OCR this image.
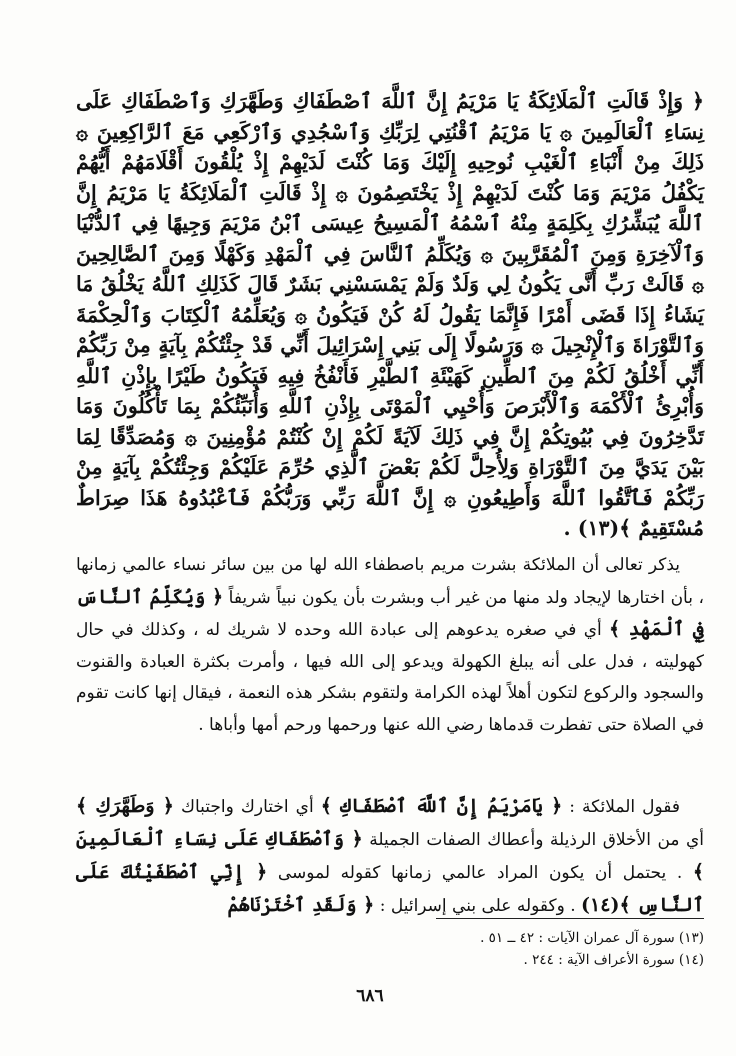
﴿ وَإِذْ قَالَتِ ٱلْمَلَائِكَةُ يَا مَرْيَمُ إِنَّ ٱللَّهَ ٱصْطَفَاكِ وَطَهَّرَكِ وَٱصْطَفَاكِ عَلَى نِسَاءِ ٱلْعَالَمِينَ ۞ يَا مَرْيَمُ ٱقْنُتِي لِرَبِّكِ وَٱسْجُدِي وَٱرْكَعِي مَعَ ٱلرَّاكِعِينَ ۞ ذَلِكَ مِنْ أَنْبَاءِ ٱلْغَيْبِ نُوحِيهِ إِلَيْكَ وَمَا كُنْتَ لَدَيْهِمْ إِذْ يُلْقُونَ أَقْلَامَهُمْ أَيُّهُمْ يَكْفُلُ مَرْيَمَ وَمَا كُنْتَ لَدَيْهِمْ إِذْ يَخْتَصِمُونَ ۞ إِذْ قَالَتِ ٱلْمَلَائِكَةُ يَا مَرْيَمُ إِنَّ ٱللَّهَ يُبَشِّرُكِ بِكَلِمَةٍ مِنْهُ ٱسْمُهُ ٱلْمَسِيحُ عِيسَى ٱبْنُ مَرْيَمَ وَجِيهًا فِي ٱلدُّنْيَا وَٱلْآخِرَةِ وَمِنَ ٱلْمُقَرَّبِينَ ۞ وَيُكَلِّمُ ٱلنَّاسَ فِي ٱلْمَهْدِ وَكَهْلًا وَمِنَ ٱلصَّالِحِينَ ۞ قَالَتْ رَبِّ أَنَّى يَكُونُ لِي وَلَدٌ وَلَمْ يَمْسَسْنِي بَشَرٌ قَالَ كَذَلِكِ ٱللَّهُ يَخْلُقُ مَا يَشَاءُ إِذَا قَضَى أَمْرًا فَإِنَّمَا يَقُولُ لَهُ كُنْ فَيَكُونُ ۞ وَيُعَلِّمُهُ ٱلْكِتَابَ وَٱلْحِكْمَةَ وَٱلتَّوْرَاةَ وَٱلْإِنْجِيلَ ۞ وَرَسُولًا إِلَى بَنِي إِسْرَائِيلَ أَنِّي قَدْ جِئْتُكُمْ بِآيَةٍ مِنْ رَبِّكُمْ أَنِّي أَخْلُقُ لَكُمْ مِنَ ٱلطِّينِ كَهَيْئَةِ ٱلطَّيْرِ فَأَنْفُخُ فِيهِ فَيَكُونُ طَيْرًا بِإِذْنِ ٱللَّهِ وَأُبْرِئُ ٱلْأَكْمَهَ وَٱلْأَبْرَصَ وَأُحْيِي ٱلْمَوْتَى بِإِذْنِ ٱللَّهِ وَأُنَبِّئُكُمْ بِمَا تَأْكُلُونَ وَمَا تَدَّخِرُونَ فِي بُيُوتِكُمْ إِنَّ فِي ذَلِكَ لَآيَةً لَكُمْ إِنْ كُنْتُمْ مُؤْمِنِينَ ۞ وَمُصَدِّقًا لِمَا بَيْنَ يَدَيَّ مِنَ ٱلتَّوْرَاةِ وَلِأُحِلَّ لَكُمْ بَعْضَ ٱلَّذِي حُرِّمَ عَلَيْكُمْ وَجِئْتُكُمْ بِآيَةٍ مِنْ رَبِّكُمْ فَٱتَّقُوا ٱللَّهَ وَأَطِيعُونِ ۞ إِنَّ ٱللَّهَ رَبِّي وَرَبُّكُمْ فَٱعْبُدُوهُ هَذَا صِرَاطٌ مُسْتَقِيمٌ ﴾(١٣) .

يذكر تعالى أن الملائكة بشرت مريم باصطفاء الله لها من بين سائر نساء عالمي زمانها ، بأن اختارها لإيجاد ولد منها من غير أب وبشرت بأن يكون نبياً شريفاً ﴿ وَيُكَلِّمُ ٱلنَّاسَ فِي ٱلْمَهْدِ ﴾ أي في صغره يدعوهم إلى عبادة الله وحده لا شريك له ، وكذلك في حال كهوليته ، فدل على أنه يبلغ الكهولة ويدعو إلى الله فيها ، وأمرت بكثرة العبادة والقنوت والسجود والركوع لتكون أهلاً لهذه الكرامة ولتقوم بشكر هذه النعمة ، فيقال إنها كانت تقوم في الصلاة حتى تفطرت قدماها رضي الله عنها ورحمها ورحم أمها وأباها .

فقول الملائكة : ﴿ يَامَرْيَمُ إِنَّ ٱللَّهَ ٱصْطَفَاكِ ﴾ أي اختارك واجتباك ﴿ وَطَهَّرَكِ ﴾ أي من الأخلاق الرذيلة وأعطاك الصفات الجميلة ﴿ وَٱصْطَفَاكِ عَلَى نِسَاءِ ٱلْعَالَمِينَ ﴾ . يحتمل أن يكون المراد عالمي زمانها كقوله لموسى ﴿ إِنِّي ٱصْطَفَيْتُكَ عَلَى ٱلنَّاسِ ﴾(١٤) . وكقوله على بني إسرائيل : ﴿ وَلَقَدِ ٱخْتَرْنَاهُمْ

(١٣) سورة آل عمران الآيات : ٤٢ ــ ٥١ .
(١٤) سورة الأعراف الآية : ٢٤٤ .
٦٨٦
